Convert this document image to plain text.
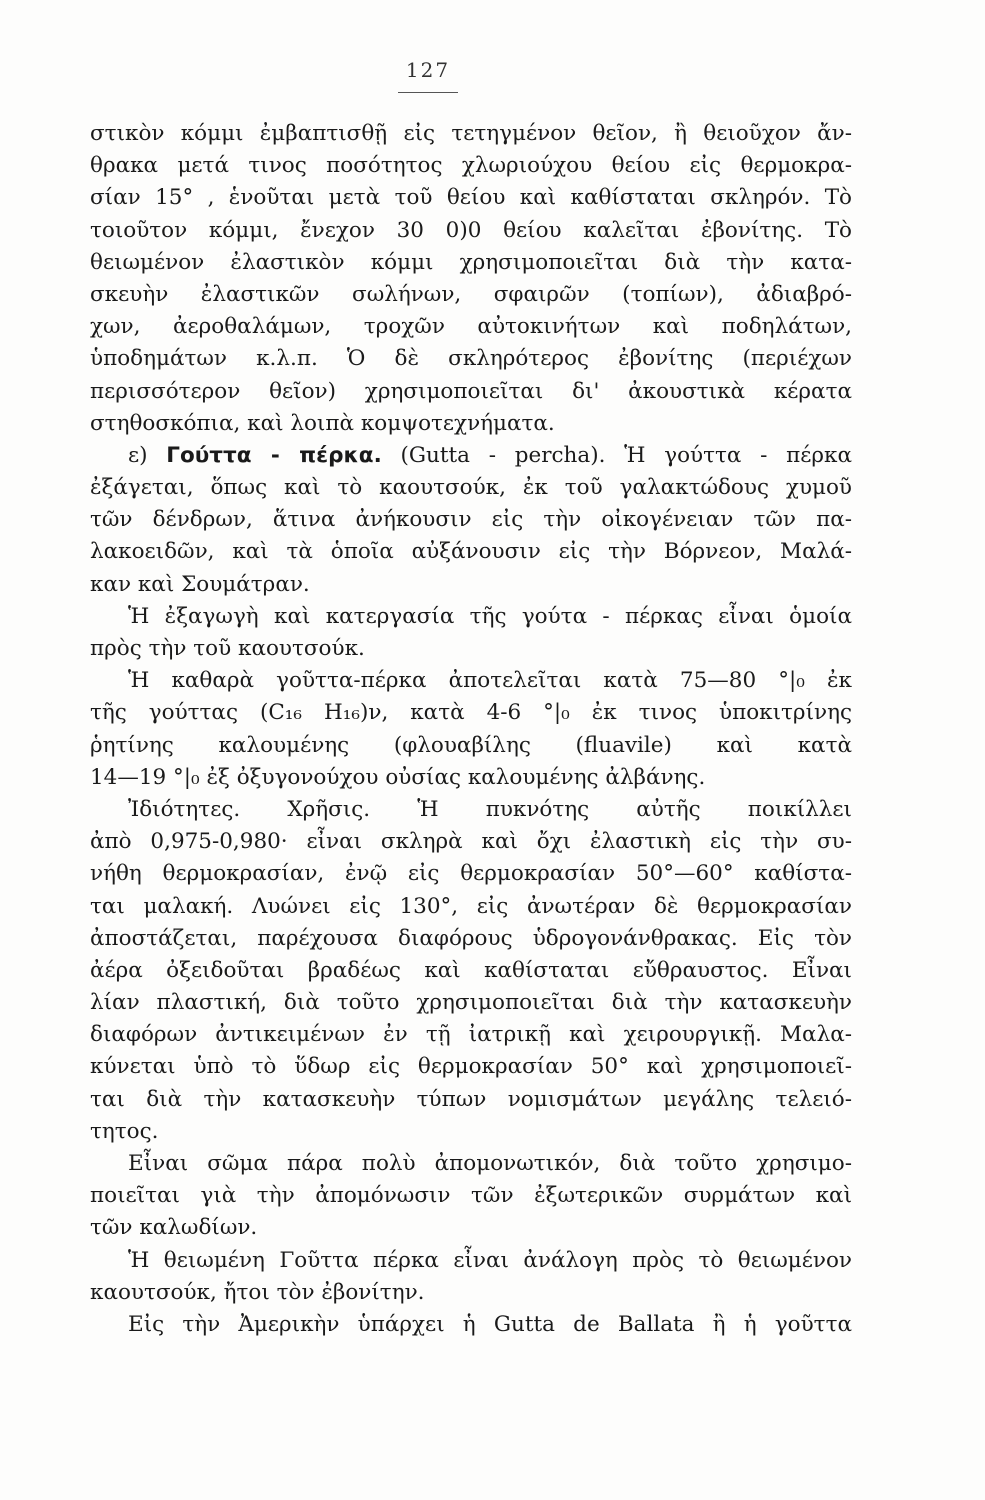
127
στικὸν κόμμι ἐμβαπτισθῇ εἰς τετηγμένον θεῖον, ἢ θειοῦχον ἄν-
θρακα μετά τινος ποσότητος χλωριούχου θείου εἰς θερμοκρα-
σίαν 15° , ἑνοῦται μετὰ τοῦ θείου καὶ καθίσταται σκληρόν. Τὸ
τοιοῦτον κόμμι, ἔνεχον 30 0)0 θείου καλεῖται ἐβονίτης. Τὸ
θειωμένον ἐλαστικὸν κόμμι χρησιμοποιεῖται διὰ τὴν κατα-
σκευὴν ἐλαστικῶν σωλήνων, σφαιρῶν (τοπίων), ἀδιαβρό-
χων, ἀεροθαλάμων, τροχῶν αὐτοκινήτων καὶ ποδηλάτων,
ὑποδημάτων κ.λ.π. Ὁ δὲ σκληρότερος ἐβονίτης (περιέχων
περισσότερον θεῖον) χρησιμοποιεῖται δι' ἀκουστικὰ κέρατα
στηθοσκόπια, καὶ λοιπὰ κομψοτεχνήματα.
ε) Γούττα - πέρκα. (Gutta - percha). Ἡ γούττα - πέρκα
ἐξάγεται, ὅπως καὶ τὸ καουτσούκ, ἐκ τοῦ γαλακτώδους χυμοῦ
τῶν δένδρων, ἅτινα ἀνήκουσιν εἰς τὴν οἰκογένειαν τῶν πα-
λακοειδῶν, καὶ τὰ ὁποῖα αὐξάνουσιν εἰς τὴν Βόρνεον, Μαλά-
καν καὶ Σουμάτραν.
Ἡ ἐξαγωγὴ καὶ κατεργασία τῆς γούτα - πέρκας εἶναι ὁμοία
πρὸς τὴν τοῦ καουτσούκ.
Ἡ καθαρὰ γοῦττα-πέρκα ἀποτελεῖται κατὰ 75—80 °|₀ ἐκ
τῆς γούττας (C₁₆ H₁₆)ν, κατὰ 4-6 °|₀ ἐκ τινος ὑποκιτρίνης
ῥητίνης καλουμένης (φλουαβίλης (fluavile) καὶ κατὰ
14—19 °|₀ ἐξ ὀξυγονούχου οὐσίας καλουμένης ἀλβάνης.
Ἰδιότητες. Χρῆσις. Ἡ πυκνότης αὐτῆς ποικίλλει
ἀπὸ 0,975-0,980· εἶναι σκληρὰ καὶ ὄχι ἐλαστικὴ εἰς τὴν συ-
νήθη θερμοκρασίαν, ἐνῷ εἰς θερμοκρασίαν 50°—60° καθίστα-
ται μαλακή. Λυώνει εἰς 130°, εἰς ἀνωτέραν δὲ θερμοκρασίαν
ἀποστάζεται, παρέχουσα διαφόρους ὑδρογονάνθρακας. Εἰς τὸν
ἀέρα ὀξειδοῦται βραδέως καὶ καθίσταται εὔθραυστος. Εἶναι
λίαν πλαστική, διὰ τοῦτο χρησιμοποιεῖται διὰ τὴν κατασκευὴν
διαφόρων ἀντικειμένων ἐν τῇ ἰατρικῇ καὶ χειρουργικῇ. Μαλα-
κύνεται ὑπὸ τὸ ὕδωρ εἰς θερμοκρασίαν 50° καὶ χρησιμοποιεῖ-
ται διὰ τὴν κατασκευὴν τύπων νομισμάτων μεγάλης τελειό-
τητος.
Εἶναι σῶμα πάρα πολὺ ἀπομονωτικόν, διὰ τοῦτο χρησιμο-
ποιεῖται γιὰ τὴν ἀπομόνωσιν τῶν ἐξωτερικῶν συρμάτων καὶ
τῶν καλωδίων.
Ἡ θειωμένη Γοῦττα πέρκα εἶναι ἀνάλογη πρὸς τὸ θειωμένον
καουτσούκ, ἤτοι τὸν ἐβονίτην.
Εἰς τὴν Ἀμερικὴν ὑπάρχει ἡ Gutta de Ballata ἢ ἡ γοῦττα
